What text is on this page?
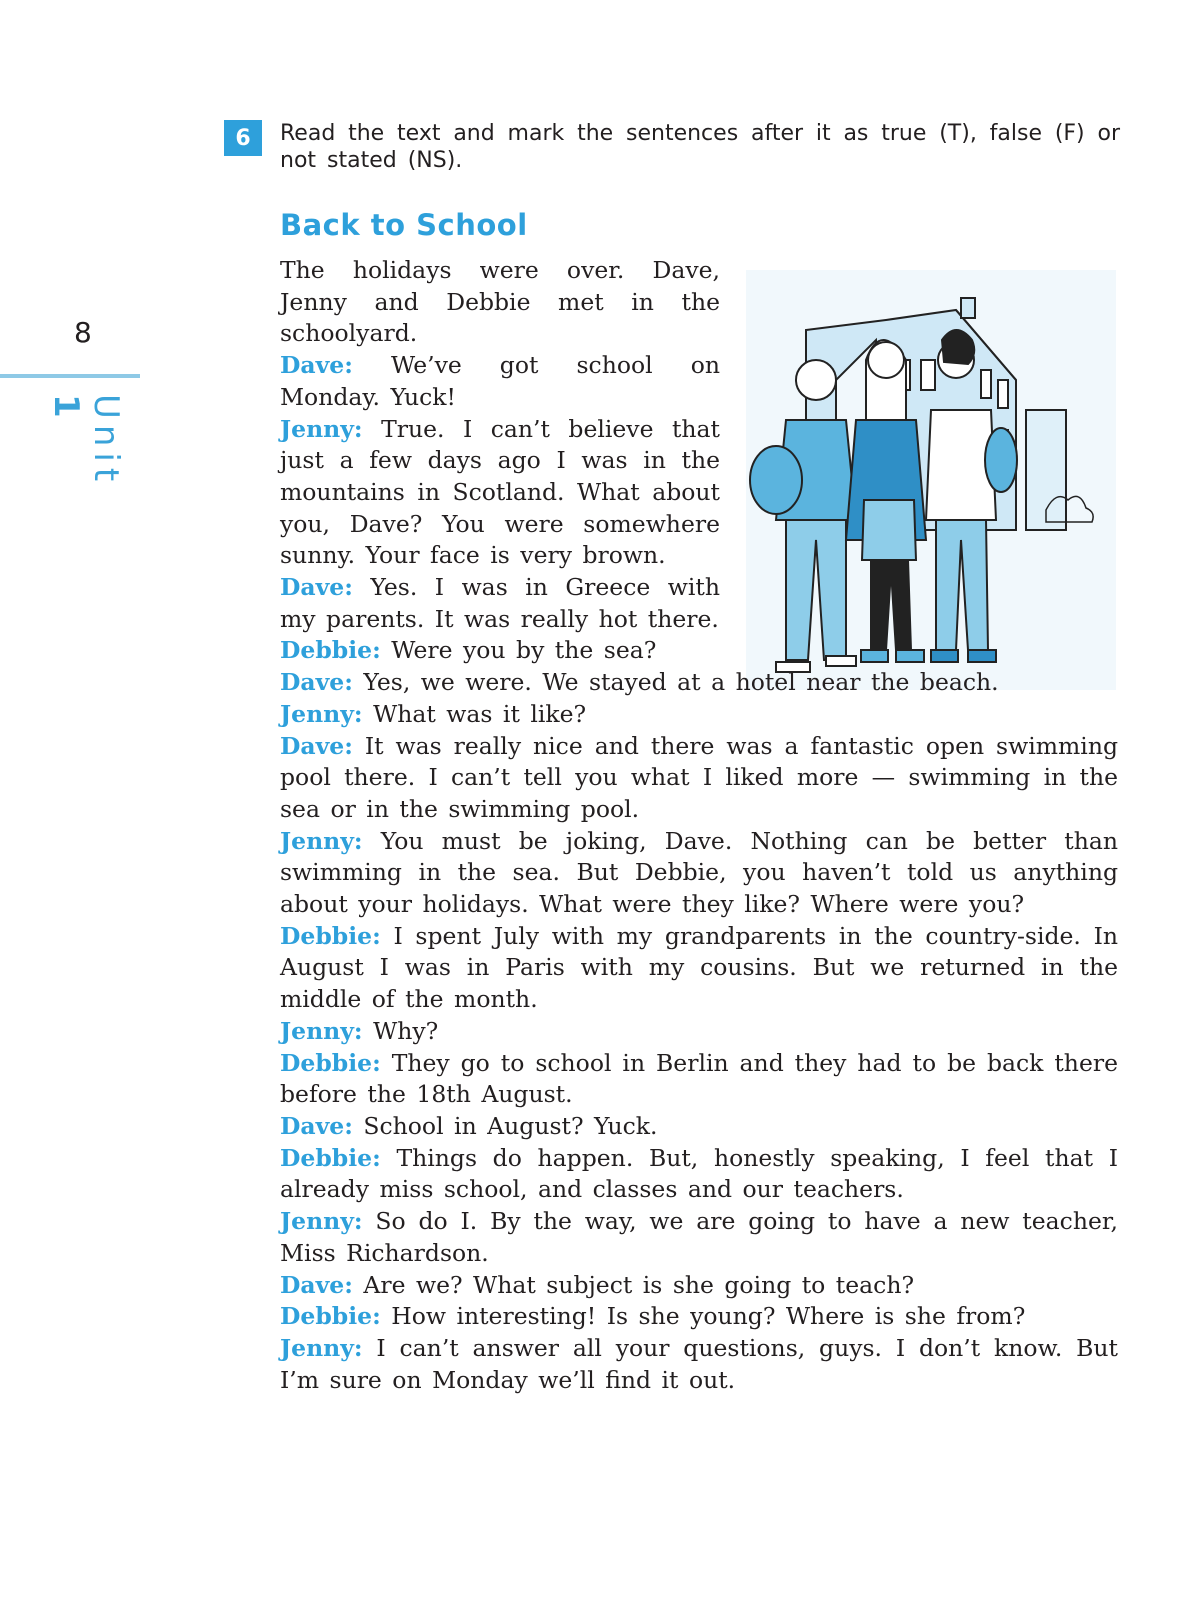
8
Unit
1
6	Read the text and mark the sentences after it as true (T), false (F) or not stated (NS).
Back to School

The holidays were over. Dave, Jenny and Debbie met in the schoolyard.

Dave: We’ve got school on Monday. Yuck!

Jenny: True. I can’t believe that just a few days ago I was in the mountains in Scotland. What about you, Dave? You were somewhere sunny. Your face is very brown.

Dave: Yes. I was in Greece with my parents. It was really hot there.

Debbie: Were you by the sea?

Dave: Yes, we were. We stayed at a hotel near the beach.

Jenny: What was it like?

Dave: It was really nice and there was a fantastic open swimming pool there. I can’t tell you what I liked more — swimming in the sea or in the swimming pool.

Jenny: You must be joking, Dave. Nothing can be better than swimming in the sea. But Debbie, you haven’t told us anything about your holidays. What were they like? Where were you?

Debbie: I spent July with my grandparents in the country-side. In August I was in Paris with my cousins. But we returned in the middle of the month.

Jenny: Why?

Debbie: They go to school in Berlin and they had to be back there before the 18th August.

Dave: School in August? Yuck.

Debbie: Things do happen. But, honestly speaking, I feel that I already miss school, and classes and our teachers.

Jenny: So do I. By the way, we are going to have a new teacher, Miss Richardson.

Dave: Are we? What subject is she going to teach?

Debbie: How interesting! Is she young? Where is she from?

Jenny: I can’t answer all your questions, guys. I don’t know. But I’m sure on Monday we’ll find it out.
